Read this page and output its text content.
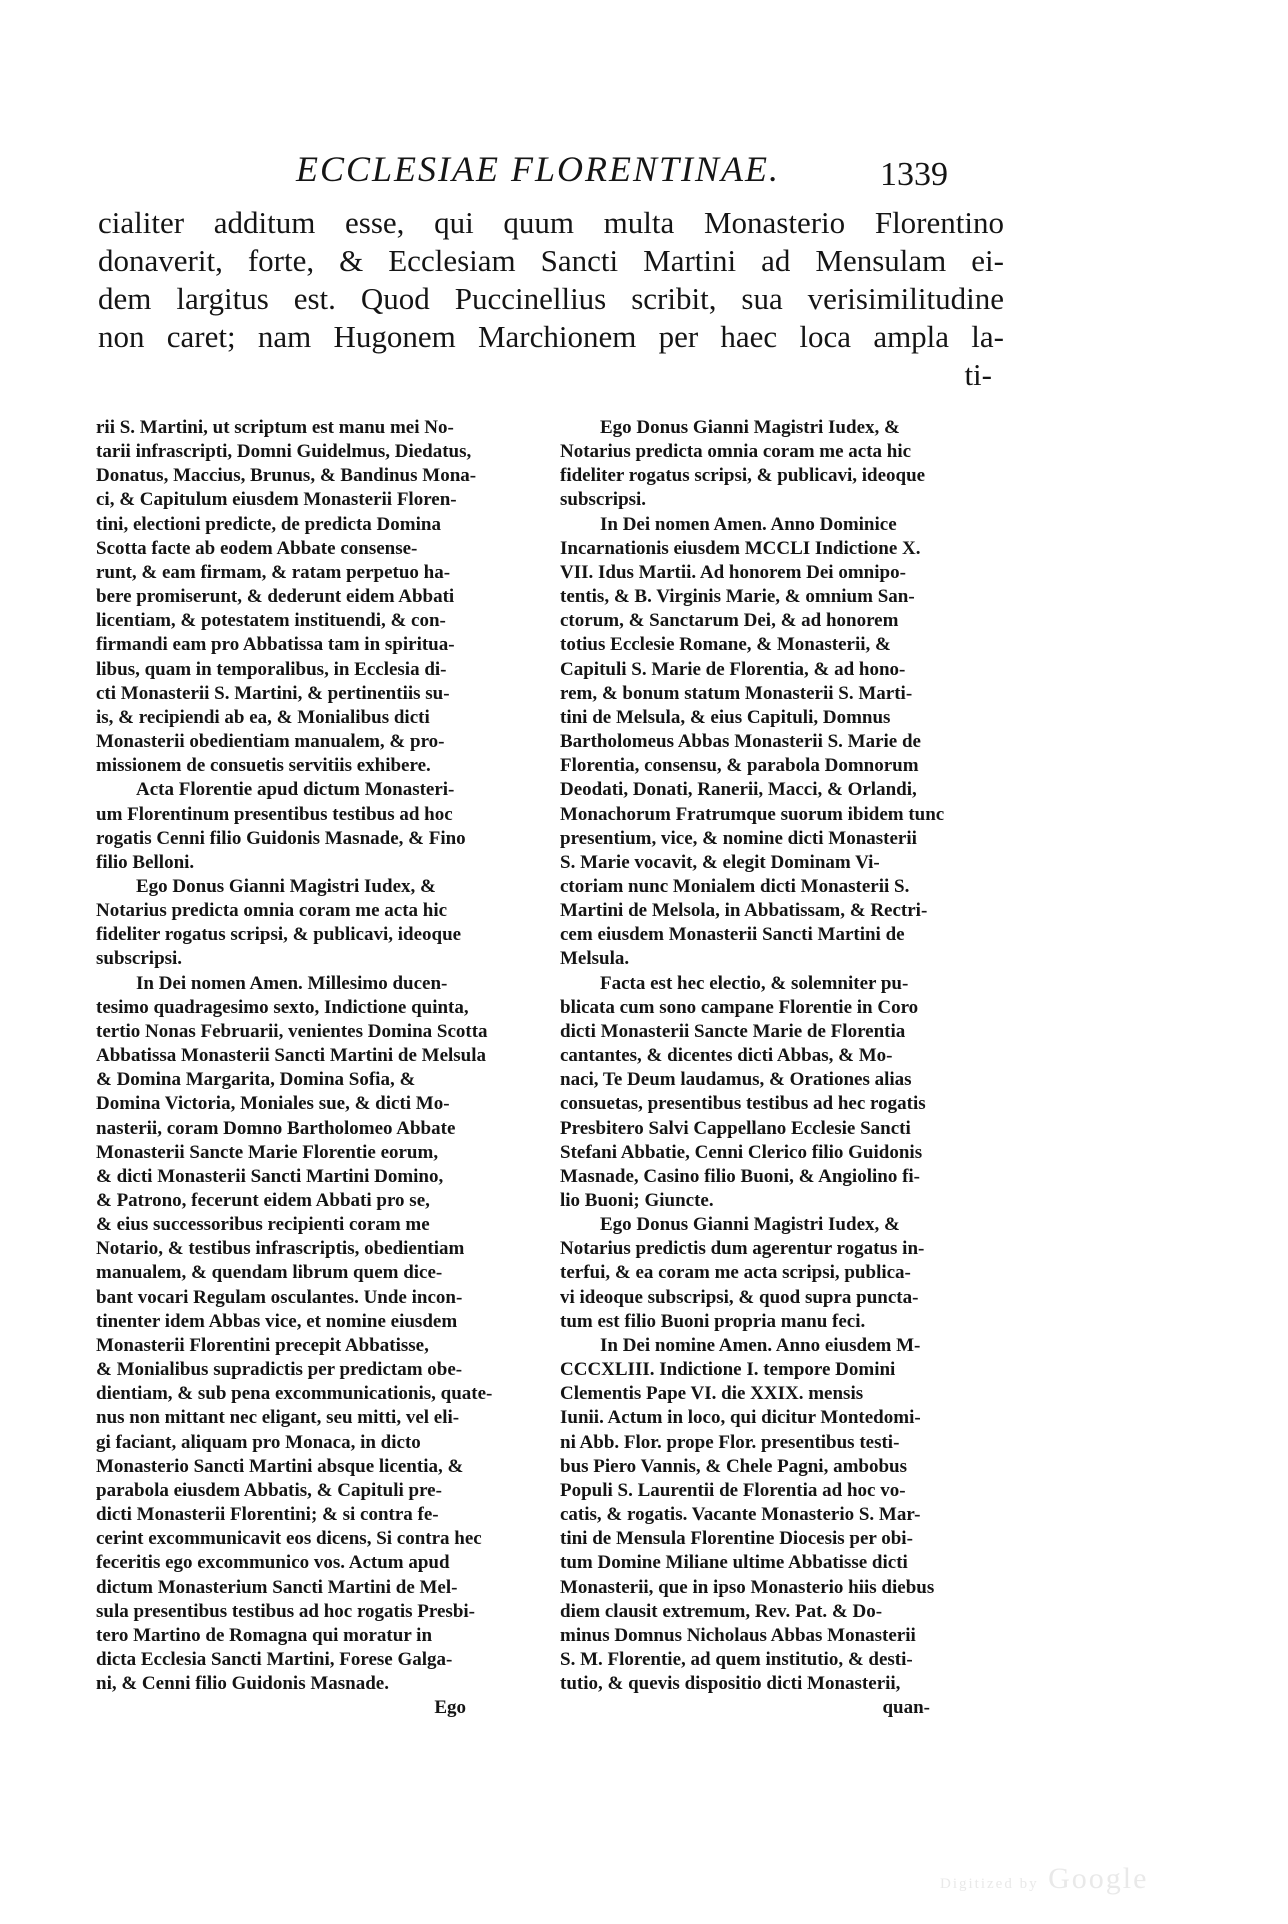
ECCLESIAE FLORENTINAE.	1339

cialiter additum esse, qui quum multa Monasterio Florentino

donaverit, forte, & Ecclesiam Sancti Martini ad Mensulam ei-

dem largitus est. Quod Puccinellius scribit, sua verisimilitudine

non caret; nam Hugonem Marchionem per haec loca ampla la-

ti-

rii S. Martini, ut scriptum est manu mei No-
tarii infrascripti, Domni Guidelmus, Diedatus,
Donatus, Maccius, Brunus, & Bandinus Mona-
ci, & Capitulum eiusdem Monasterii Floren-
tini, electioni predicte, de predicta Domina
Scotta facte ab eodem Abbate consense-
runt, & eam firmam, & ratam perpetuo ha-
bere promiserunt, & dederunt eidem Abbati
licentiam, & potestatem instituendi, & con-
firmandi eam pro Abbatissa tam in spiritua-
libus, quam in temporalibus, in Ecclesia di-
cti Monasterii S. Martini, & pertinentiis su-
is, & recipiendi ab ea, & Monialibus dicti
Monasterii obedientiam manualem, & pro-
missionem de consuetis servitiis exhibere.
Acta Florentie apud dictum Monasteri-
um Florentinum presentibus testibus ad hoc
rogatis Cenni filio Guidonis Masnade, & Fino
filio Belloni.
Ego Donus Gianni Magistri Iudex, &
Notarius predicta omnia coram me acta hic
fideliter rogatus scripsi, & publicavi, ideoque
subscripsi.
In Dei nomen Amen. Millesimo ducen-
tesimo quadragesimo sexto, Indictione quinta,
tertio Nonas Februarii, venientes Domina Scotta
Abbatissa Monasterii Sancti Martini de Melsula
& Domina Margarita, Domina Sofia, &
Domina Victoria, Moniales sue, & dicti Mo-
nasterii, coram Domno Bartholomeo Abbate
Monasterii Sancte Marie Florentie eorum,
& dicti Monasterii Sancti Martini Domino,
& Patrono, fecerunt eidem Abbati pro se,
& eius successoribus recipienti coram me
Notario, & testibus infrascriptis, obedientiam
manualem, & quendam librum quem dice-
bant vocari Regulam osculantes. Unde incon-
tinenter idem Abbas vice, et nomine eiusdem
Monasterii Florentini precepit Abbatisse,
& Monialibus supradictis per predictam obe-
dientiam, & sub pena excommunicationis, quate-
nus non mittant nec eligant, seu mitti, vel eli-
gi faciant, aliquam pro Monaca, in dicto
Monasterio Sancti Martini absque licentia, &
parabola eiusdem Abbatis, & Capituli pre-
dicti Monasterii Florentini; & si contra fe-
cerint excommunicavit eos dicens, Si contra hec
feceritis ego excommunico vos. Actum apud
dictum Monasterium Sancti Martini de Mel-
sula presentibus testibus ad hoc rogatis Presbi-
tero Martino de Romagna qui moratur in
dicta Ecclesia Sancti Martini, Forese Galga-
ni, & Cenni filio Guidonis Masnade.
Ego
Ego Donus Gianni Magistri Iudex, &
Notarius predicta omnia coram me acta hic
fideliter rogatus scripsi, & publicavi, ideoque
subscripsi.
In Dei nomen Amen. Anno Dominice
Incarnationis eiusdem MCCLI Indictione X.
VII. Idus Martii. Ad honorem Dei omnipo-
tentis, & B. Virginis Marie, & omnium San-
ctorum, & Sanctarum Dei, & ad honorem
totius Ecclesie Romane, & Monasterii, &
Capituli S. Marie de Florentia, & ad hono-
rem, & bonum statum Monasterii S. Marti-
tini de Melsula, & eius Capituli, Domnus
Bartholomeus Abbas Monasterii S. Marie de
Florentia, consensu, & parabola Domnorum
Deodati, Donati, Ranerii, Macci, & Orlandi,
Monachorum Fratrumque suorum ibidem tunc
presentium, vice, & nomine dicti Monasterii
S. Marie vocavit, & elegit Dominam Vi-
ctoriam nunc Monialem dicti Monasterii S.
Martini de Melsola, in Abbatissam, & Rectri-
cem eiusdem Monasterii Sancti Martini de
Melsula.
Facta est hec electio, & solemniter pu-
blicata cum sono campane Florentie in Coro
dicti Monasterii Sancte Marie de Florentia
cantantes, & dicentes dicti Abbas, & Mo-
naci, Te Deum laudamus, & Orationes alias
consuetas, presentibus testibus ad hec rogatis
Presbitero Salvi Cappellano Ecclesie Sancti
Stefani Abbatie, Cenni Clerico filio Guidonis
Masnade, Casino filio Buoni, & Angiolino fi-
lio Buoni; Giuncte.
Ego Donus Gianni Magistri Iudex, &
Notarius predictis dum agerentur rogatus in-
terfui, & ea coram me acta scripsi, publica-
vi ideoque subscripsi, & quod supra puncta-
tum est filio Buoni propria manu feci.
In Dei nomine Amen. Anno eiusdem M-
CCCXLIII. Indictione I. tempore Domini
Clementis Pape VI. die XXIX. mensis
Iunii. Actum in loco, qui dicitur Montedomi-
ni Abb. Flor. prope Flor. presentibus testi-
bus Piero Vannis, & Chele Pagni, ambobus
Populi S. Laurentii de Florentia ad hoc vo-
catis, & rogatis. Vacante Monasterio S. Mar-
tini de Mensula Florentine Diocesis per obi-
tum Domine Miliane ultime Abbatisse dicti
Monasterii, que in ipso Monasterio hiis diebus
diem clausit extremum, Rev. Pat. & Do-
minus Domnus Nicholaus Abbas Monasterii
S. M. Florentie, ad quem institutio, & desti-
tutio, & quevis dispositio dicti Monasterii,
quan-
Digitized by Google
